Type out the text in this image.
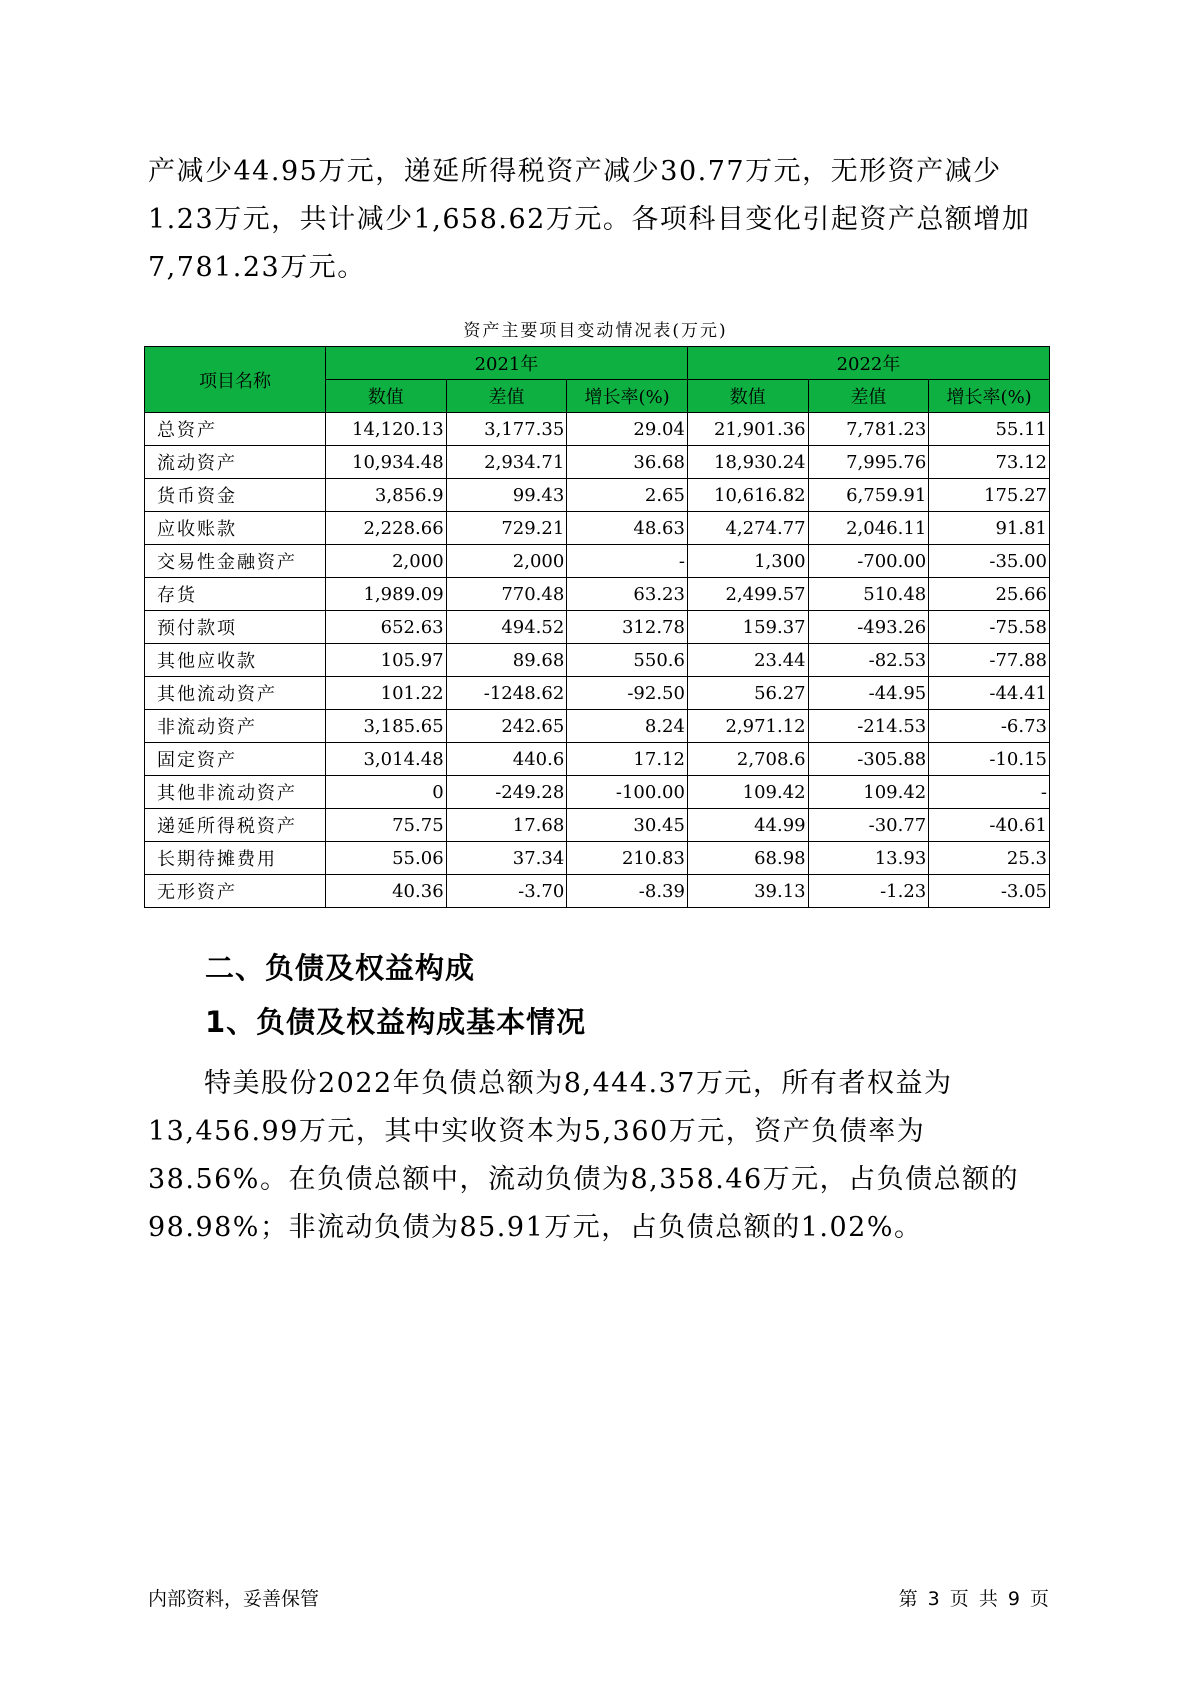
产减少44.95万元，递延所得税资产减少30.77万元，无形资产减少1.23万元，共计减少1,658.62万元。各项科目变化引起资产总额增加7,781.23万元。
资产主要项目变动情况表(万元)
项目名称	2021年			2022年		
	数值	差值	增长率(%)	数值	差值	增长率(%)
总资产	14,120.13	3,177.35	29.04	21,901.36	7,781.23	55.11
流动资产	10,934.48	2,934.71	36.68	18,930.24	7,995.76	73.12
货币资金	3,856.9	99.43	2.65	10,616.82	6,759.91	175.27
应收账款	2,228.66	729.21	48.63	4,274.77	2,046.11	91.81
交易性金融资产	2,000	2,000	-	1,300	-700.00	-35.00
存货	1,989.09	770.48	63.23	2,499.57	510.48	25.66
预付款项	652.63	494.52	312.78	159.37	-493.26	-75.58
其他应收款	105.97	89.68	550.6	23.44	-82.53	-77.88
其他流动资产	101.22	-1248.62	-92.50	56.27	-44.95	-44.41
非流动资产	3,185.65	242.65	8.24	2,971.12	-214.53	-6.73
固定资产	3,014.48	440.6	17.12	2,708.6	-305.88	-10.15
其他非流动资产	0	-249.28	-100.00	109.42	109.42	-
递延所得税资产	75.75	17.68	30.45	44.99	-30.77	-40.61
长期待摊费用	55.06	37.34	210.83	68.98	13.93	25.3
无形资产	40.36	-3.70	-8.39	39.13	-1.23	-3.05
二、负债及权益构成
1、负债及权益构成基本情况
特美股份2022年负债总额为8,444.37万元，所有者权益为13,456.99万元，其中实收资本为5,360万元，资产负债率为38.56%。在负债总额中，流动负债为8,358.46万元，占负债总额的98.98%；非流动负债为85.91万元，占负债总额的1.02%。
内部资料，妥善保管	第 3 页 共 9 页
